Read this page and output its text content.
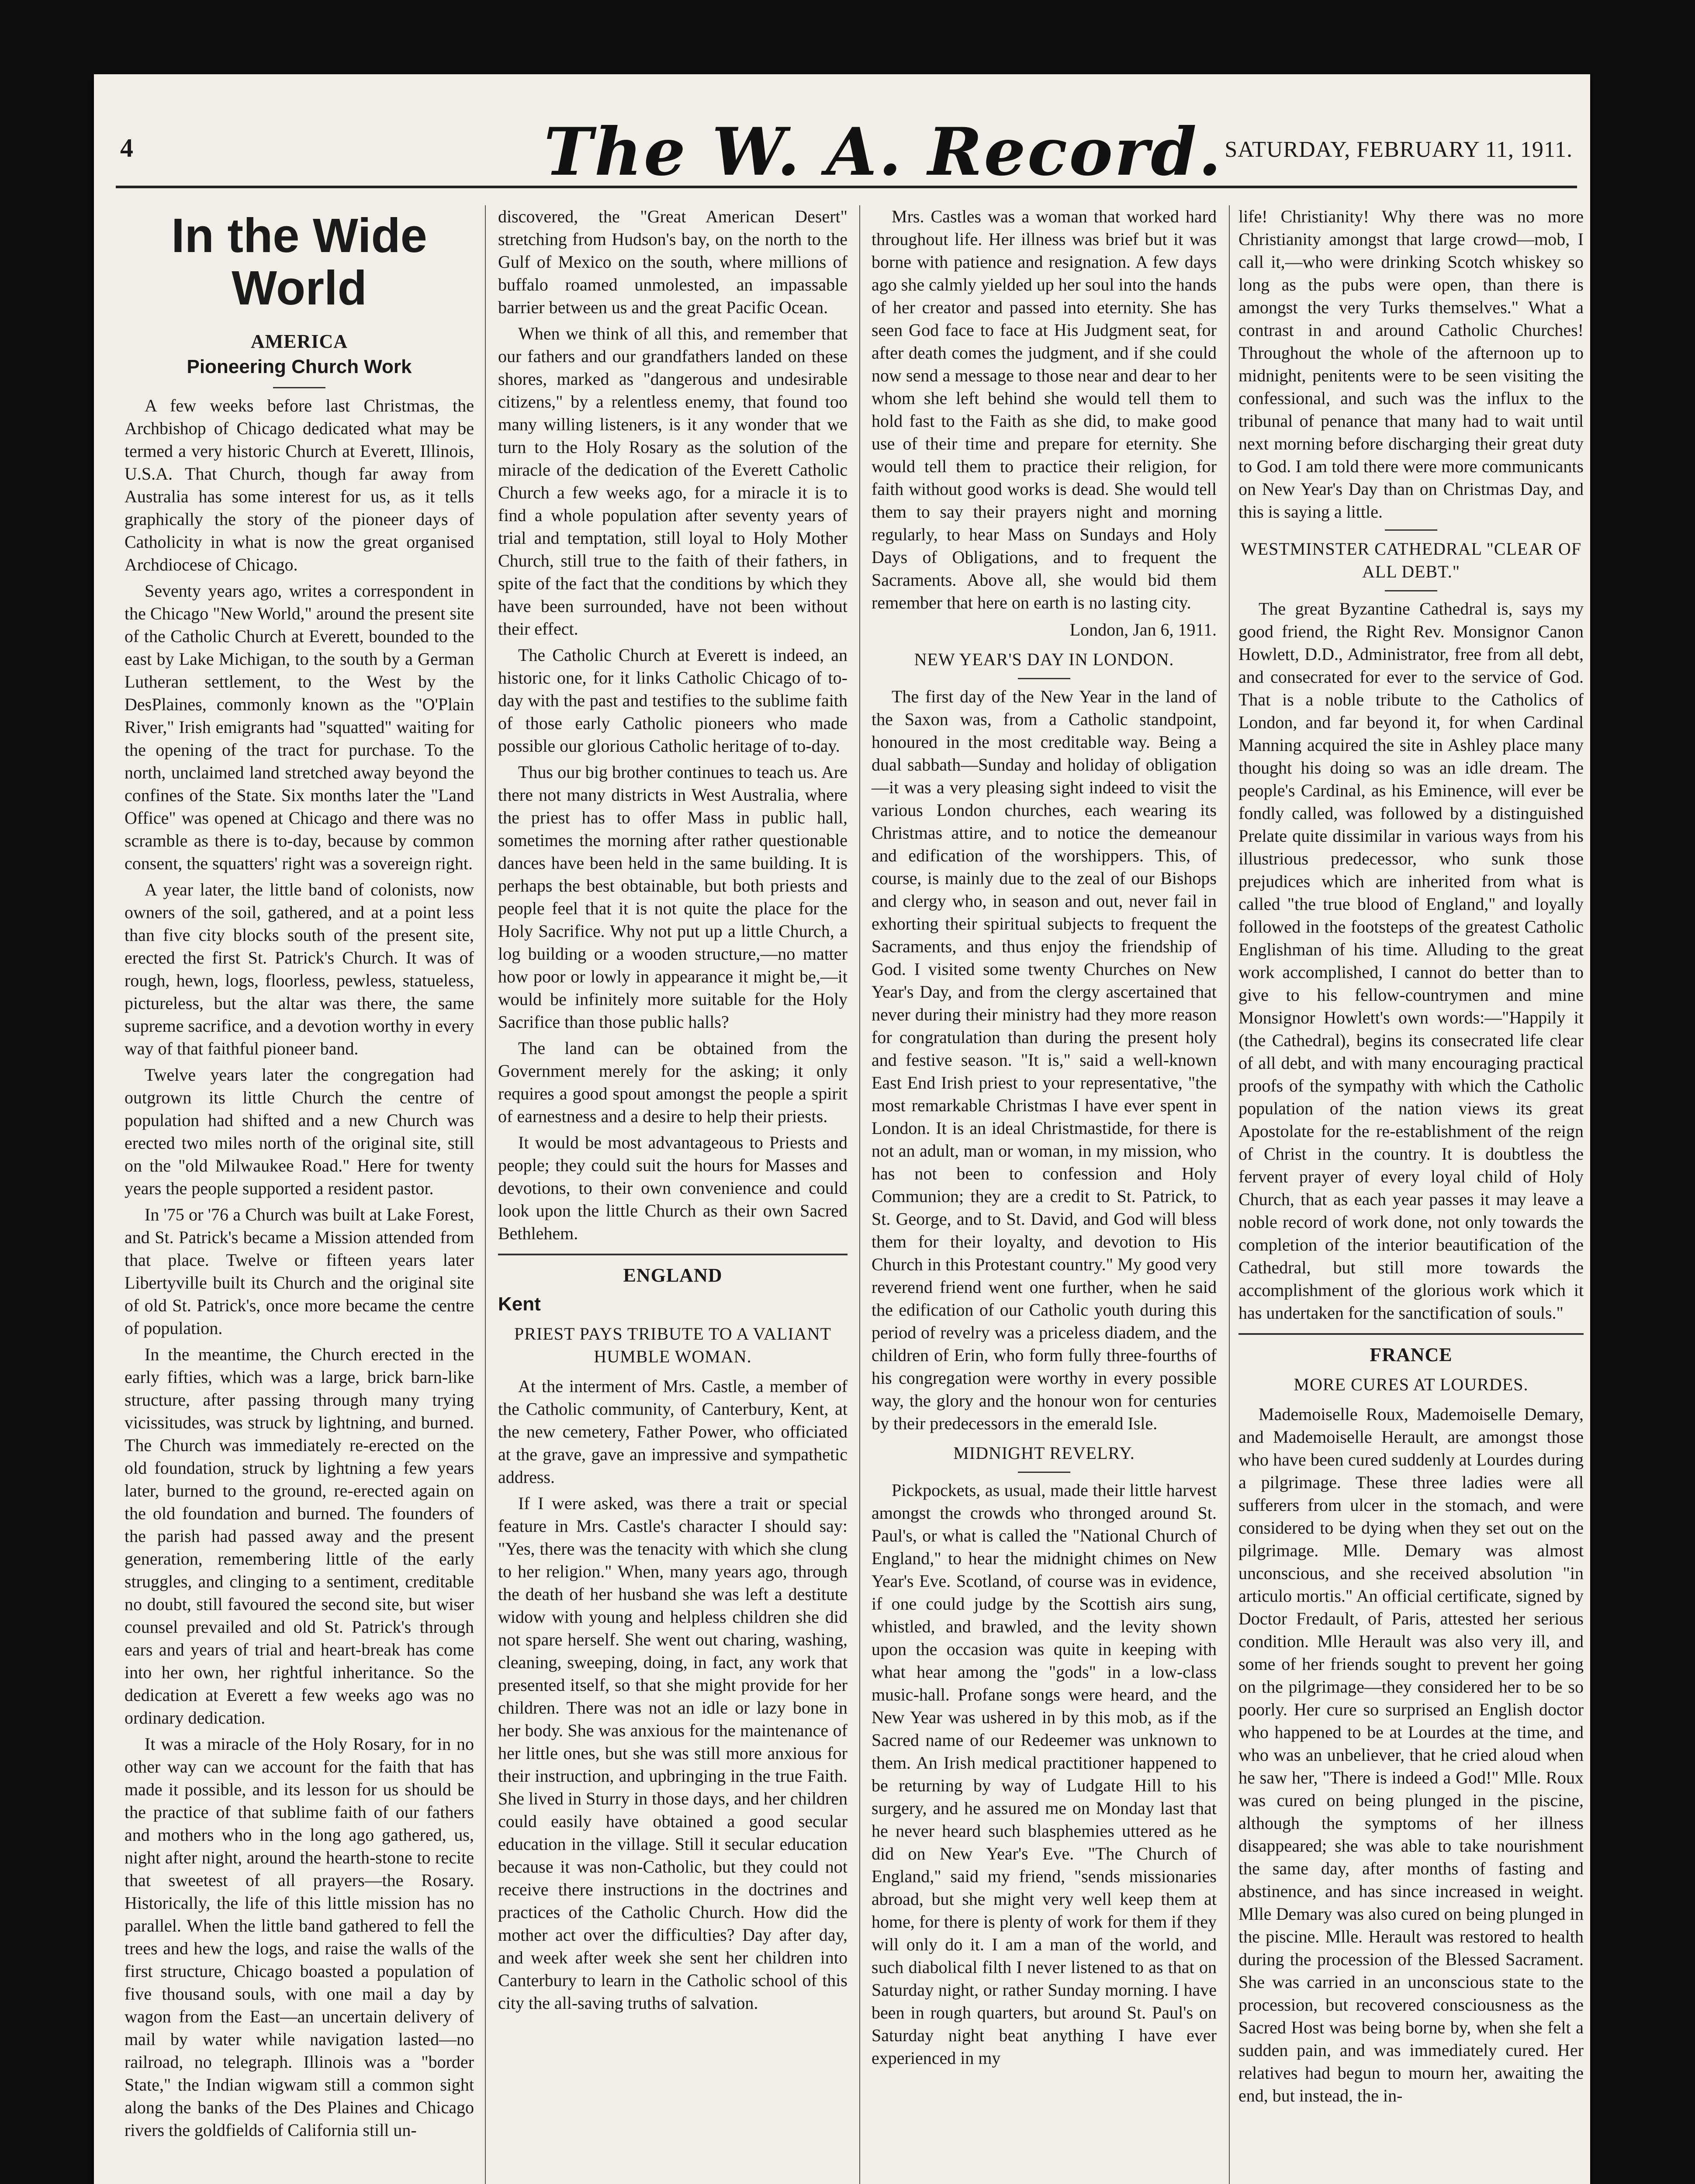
4	The W. A. Record. SATURDAY, FEBRUARY 11, 1911.
In the Wide World
AMERICA
Pioneering Church Work

A few weeks before last Christmas, the Archbishop of Chicago dedicated what may be termed a very historic Church at Everett, Illinois, U.S.A. That Church, though far away from Australia has some interest for us, as it tells graphically the story of the pioneer days of Catholicity in what is now the great organised Archdiocese of Chicago.

Seventy years ago, writes a correspondent in the Chicago "New World," around the present site of the Catholic Church at Everett, bounded to the east by Lake Michigan, to the south by a German Lutheran settlement, to the West by the DesPlaines, commonly known as the "O'Plain River," Irish emigrants had "squatted" waiting for the opening of the tract for purchase. To the north, unclaimed land stretched away beyond the confines of the State. Six months later the "Land Office" was opened at Chicago and there was no scramble as there is to-day, because by common consent, the squatters' right was a sovereign right.

A year later, the little band of colonists, now owners of the soil, gathered, and at a point less than five city blocks south of the present site, erected the first St. Patrick's Church. It was of rough, hewn, logs, floorless, pewless, statueless, pictureless, but the altar was there, the same supreme sacrifice, and a devotion worthy in every way of that faithful pioneer band.

Twelve years later the congregation had outgrown its little Church the centre of population had shifted and a new Church was erected two miles north of the original site, still on the "old Milwaukee Road." Here for twenty years the people supported a resident pastor.

In '75 or '76 a Church was built at Lake Forest, and St. Patrick's became a Mission attended from that place. Twelve or fifteen years later Libertyville built its Church and the original site of old St. Patrick's, once more became the centre of population.

In the meantime, the Church erected in the early fifties, which was a large, brick barn-like structure, after passing through many trying vicissitudes, was struck by lightning, and burned. The Church was immediately re-erected on the old foundation, struck by lightning a few years later, burned to the ground, re-erected again on the old foundation and burned. The founders of the parish had passed away and the present generation, remembering little of the early struggles, and clinging to a sentiment, creditable no doubt, still favoured the second site, but wiser counsel prevailed and old St. Patrick's through ears and years of trial and heart-break has come into her own, her rightful inheritance. So the dedication at Everett a few weeks ago was no ordinary dedication.

It was a miracle of the Holy Rosary, for in no other way can we account for the faith that has made it possible, and its lesson for us should be the practice of that sublime faith of our fathers and mothers who in the long ago gathered, us, night after night, around the hearth-stone to recite that sweetest of all prayers—the Rosary. Historically, the life of this little mission has no parallel. When the little band gathered to fell the trees and hew the logs, and raise the walls of the first structure, Chicago boasted a population of five thousand souls, with one mail a day by wagon from the East—an uncertain delivery of mail by water while navigation lasted—no railroad, no telegraph. Illinois was a "border State," the Indian wigwam still a common sight along the banks of the Des Plaines and Chicago rivers the goldfields of California still un-

discovered, the "Great American Desert" stretching from Hudson's bay, on the north to the Gulf of Mexico on the south, where millions of buffalo roamed unmolested, an impassable barrier between us and the great Pacific Ocean.

When we think of all this, and remember that our fathers and our grandfathers landed on these shores, marked as "dangerous and undesirable citizens," by a relentless enemy, that found too many willing listeners, is it any wonder that we turn to the Holy Rosary as the solution of the miracle of the dedication of the Everett Catholic Church a few weeks ago, for a miracle it is to find a whole population after seventy years of trial and temptation, still loyal to Holy Mother Church, still true to the faith of their fathers, in spite of the fact that the conditions by which they have been surrounded, have not been without their effect.

The Catholic Church at Everett is indeed, an historic one, for it links Catholic Chicago of to-day with the past and testifies to the sublime faith of those early Catholic pioneers who made possible our glorious Catholic heritage of to-day.

Thus our big brother continues to teach us. Are there not many districts in West Australia, where the priest has to offer Mass in public hall, sometimes the morning after rather questionable dances have been held in the same building. It is perhaps the best obtainable, but both priests and people feel that it is not quite the place for the Holy Sacrifice. Why not put up a little Church, a log building or a wooden structure,—no matter how poor or lowly in appearance it might be,—it would be infinitely more suitable for the Holy Sacrifice than those public halls?

The land can be obtained from the Government merely for the asking; it only requires a good spout amongst the people a spirit of earnestness and a desire to help their priests.

It would be most advantageous to Priests and people; they could suit the hours for Masses and devotions, to their own convenience and could look upon the little Church as their own Sacred Bethlehem.

ENGLAND
Kent
PRIEST PAYS TRIBUTE TO A VALIANT HUMBLE WOMAN.

At the interment of Mrs. Castle, a member of the Catholic community, of Canterbury, Kent, at the new cemetery, Father Power, who officiated at the grave, gave an impressive and sympathetic address.

If I were asked, was there a trait or special feature in Mrs. Castle's character I should say: "Yes, there was the tenacity with which she clung to her religion." When, many years ago, through the death of her husband she was left a destitute widow with young and helpless children she did not spare herself. She went out charing, washing, cleaning, sweeping, doing, in fact, any work that presented itself, so that she might provide for her children. There was not an idle or lazy bone in her body. She was anxious for the maintenance of her little ones, but she was still more anxious for their instruction, and upbringing in the true Faith. She lived in Sturry in those days, and her children could easily have obtained a good secular education in the village. Still it secular education because it was non-Catholic, but they could not receive there instructions in the doctrines and practices of the Catholic Church. How did the mother act over the difficulties? Day after day, and week after week she sent her children into Canterbury to learn in the Catholic school of this city the all-saving truths of salvation.

Mrs. Castles was a woman that worked hard throughout life. Her illness was brief but it was borne with patience and resignation. A few days ago she calmly yielded up her soul into the hands of her creator and passed into eternity. She has seen God face to face at His Judgment seat, for after death comes the judgment, and if she could now send a message to those near and dear to her whom she left behind she would tell them to hold fast to the Faith as she did, to make good use of their time and prepare for eternity. She would tell them to practice their religion, for faith without good works is dead. She would tell them to say their prayers night and morning regularly, to hear Mass on Sundays and Holy Days of Obligations, and to frequent the Sacraments. Above all, she would bid them remember that here on earth is no lasting city.

London, Jan 6, 1911.
NEW YEAR'S DAY IN LONDON.

The first day of the New Year in the land of the Saxon was, from a Catholic standpoint, honoured in the most creditable way. Being a dual sabbath—Sunday and holiday of obligation—it was a very pleasing sight indeed to visit the various London churches, each wearing its Christmas attire, and to notice the demeanour and edification of the worshippers. This, of course, is mainly due to the zeal of our Bishops and clergy who, in season and out, never fail in exhorting their spiritual subjects to frequent the Sacraments, and thus enjoy the friendship of God. I visited some twenty Churches on New Year's Day, and from the clergy ascertained that never during their ministry had they more reason for congratulation than during the present holy and festive season. "It is," said a well-known East End Irish priest to your representative, "the most remarkable Christmas I have ever spent in London. It is an ideal Christmastide, for there is not an adult, man or woman, in my mission, who has not been to confession and Holy Communion; they are a credit to St. Patrick, to St. George, and to St. David, and God will bless them for their loyalty, and devotion to His Church in this Protestant country." My good very reverend friend went one further, when he said the edification of our Catholic youth during this period of revelry was a priceless diadem, and the children of Erin, who form fully three-fourths of his congregation were worthy in every possible way, the glory and the honour won for centuries by their predecessors in the emerald Isle.

MIDNIGHT REVELRY.

Pickpockets, as usual, made their little harvest amongst the crowds who thronged around St. Paul's, or what is called the "National Church of England," to hear the midnight chimes on New Year's Eve. Scotland, of course was in evidence, if one could judge by the Scottish airs sung, whistled, and brawled, and the levity shown upon the occasion was quite in keeping with what hear among the "gods" in a low-class music-hall. Profane songs were heard, and the New Year was ushered in by this mob, as if the Sacred name of our Redeemer was unknown to them. An Irish medical practitioner happened to be returning by way of Ludgate Hill to his surgery, and he assured me on Monday last that he never heard such blasphemies uttered as he did on New Year's Eve. "The Church of England," said my friend, "sends missionaries abroad, but she might very well keep them at home, for there is plenty of work for them if they will only do it. I am a man of the world, and such diabolical filth I never listened to as that on Saturday night, or rather Sunday morning. I have been in rough quarters, but around St. Paul's on Saturday night beat anything I have ever experienced in my

life! Christianity! Why there was no more Christianity amongst that large crowd—mob, I call it,—who were drinking Scotch whiskey so long as the pubs were open, than there is amongst the very Turks themselves." What a contrast in and around Catholic Churches! Throughout the whole of the afternoon up to midnight, penitents were to be seen visiting the confessional, and such was the influx to the tribunal of penance that many had to wait until next morning before discharging their great duty to God. I am told there were more communicants on New Year's Day than on Christmas Day, and this is saying a little.

WESTMINSTER CATHEDRAL "CLEAR OF ALL DEBT."

The great Byzantine Cathedral is, says my good friend, the Right Rev. Monsignor Canon Howlett, D.D., Administrator, free from all debt, and consecrated for ever to the service of God. That is a noble tribute to the Catholics of London, and far beyond it, for when Cardinal Manning acquired the site in Ashley place many thought his doing so was an idle dream. The people's Cardinal, as his Eminence, will ever be fondly called, was followed by a distinguished Prelate quite dissimilar in various ways from his illustrious predecessor, who sunk those prejudices which are inherited from what is called "the true blood of England," and loyally followed in the footsteps of the greatest Catholic Englishman of his time. Alluding to the great work accomplished, I cannot do better than to give to his fellow-countrymen and mine Monsignor Howlett's own words:—"Happily it (the Cathedral), begins its consecrated life clear of all debt, and with many encouraging practical proofs of the sympathy with which the Catholic population of the nation views its great Apostolate for the re-establishment of the reign of Christ in the country. It is doubtless the fervent prayer of every loyal child of Holy Church, that as each year passes it may leave a noble record of work done, not only towards the completion of the interior beautification of the Cathedral, but still more towards the accomplishment of the glorious work which it has undertaken for the sanctification of souls."

FRANCE
MORE CURES AT LOURDES.

Mademoiselle Roux, Mademoiselle Demary, and Mademoiselle Herault, are amongst those who have been cured suddenly at Lourdes during a pilgrimage. These three ladies were all sufferers from ulcer in the stomach, and were considered to be dying when they set out on the pilgrimage. Mlle. Demary was almost unconscious, and she received absolution "in articulo mortis." An official certificate, signed by Doctor Fredault, of Paris, attested her serious condition. Mlle Herault was also very ill, and some of her friends sought to prevent her going on the pilgrimage—they considered her to be so poorly. Her cure so surprised an English doctor who happened to be at Lourdes at the time, and who was an unbeliever, that he cried aloud when he saw her, "There is indeed a God!" Mlle. Roux was cured on being plunged in the piscine, although the symptoms of her illness disappeared; she was able to take nourishment the same day, after months of fasting and abstinence, and has since increased in weight. Mlle Demary was also cured on being plunged in the piscine. Mlle. Herault was restored to health during the procession of the Blessed Sacrament. She was carried in an unconscious state to the procession, but recovered consciousness as the Sacred Host was being borne by, when she felt a sudden pain, and was immediately cured. Her relatives had begun to mourn her, awaiting the end, but instead, the in-
